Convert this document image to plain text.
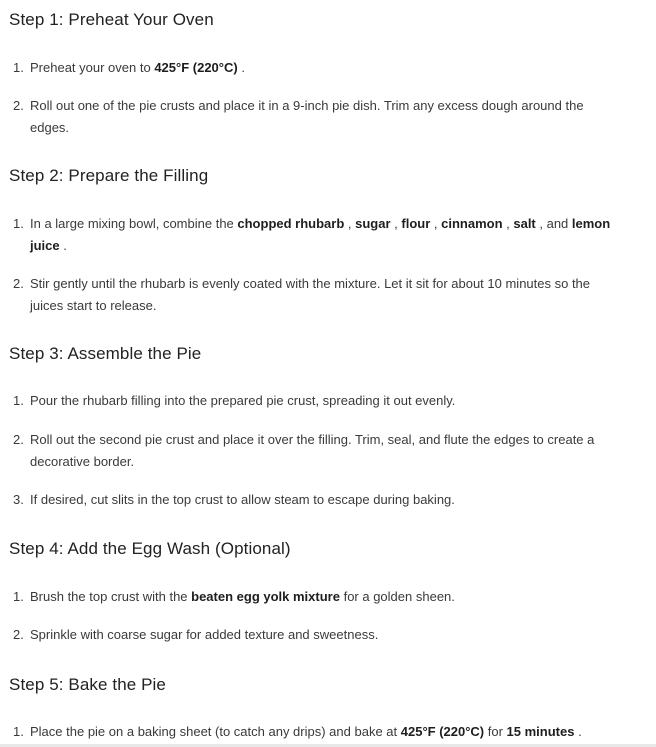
Step 1: Preheat Your Oven
1. Preheat your oven to 425°F (220°C) .
2. Roll out one of the pie crusts and place it in a 9-inch pie dish. Trim any excess dough around the edges.
Step 2: Prepare the Filling
1. In a large mixing bowl, combine the chopped rhubarb , sugar , flour , cinnamon , salt , and lemon juice .
2. Stir gently until the rhubarb is evenly coated with the mixture. Let it sit for about 10 minutes so the juices start to release.
Step 3: Assemble the Pie
1. Pour the rhubarb filling into the prepared pie crust, spreading it out evenly.
2. Roll out the second pie crust and place it over the filling. Trim, seal, and flute the edges to create a decorative border.
3. If desired, cut slits in the top crust to allow steam to escape during baking.
Step 4: Add the Egg Wash (Optional)
1. Brush the top crust with the beaten egg yolk mixture for a golden sheen.
2. Sprinkle with coarse sugar for added texture and sweetness.
Step 5: Bake the Pie
1. Place the pie on a baking sheet (to catch any drips) and bake at 425°F (220°C) for 15 minutes .
